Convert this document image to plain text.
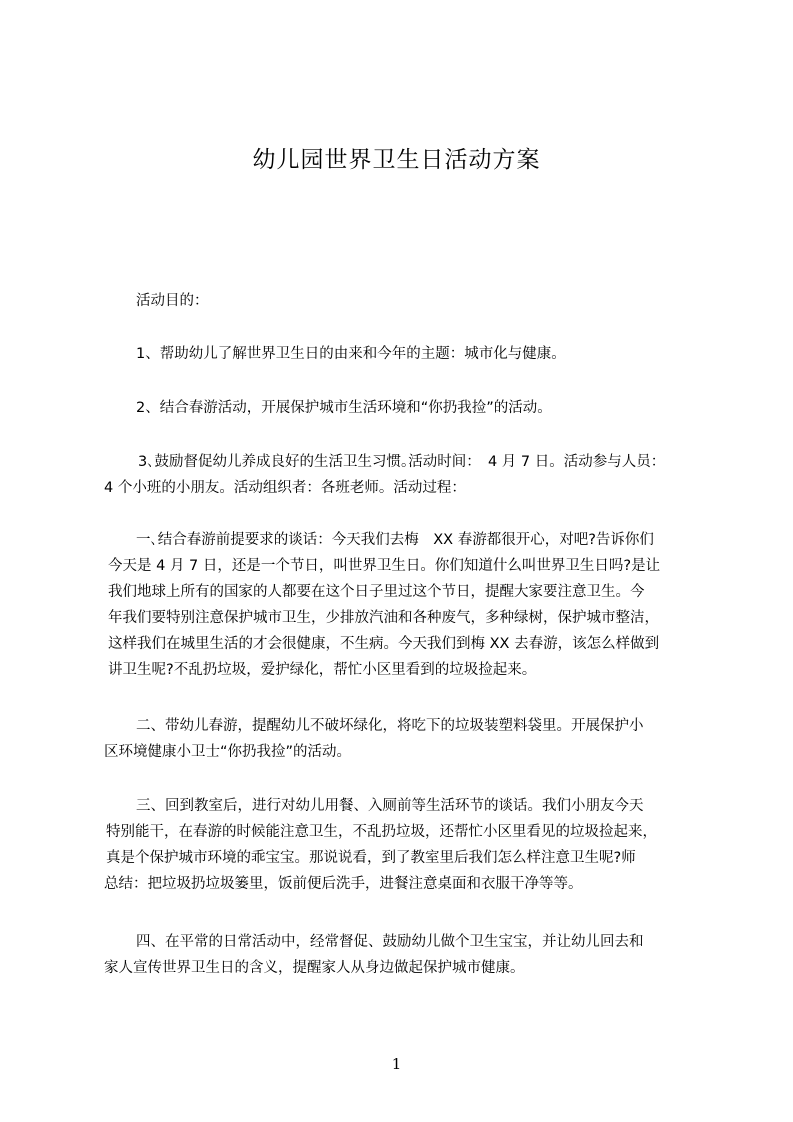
幼儿园世界卫生日活动方案
活动目的：
1、帮助幼儿了解世界卫生日的由来和今年的主题：城市化与健康。
2、结合春游活动，开展保护城市生活环境和“你扔我捡”的活动。
3､鼓励督促幼儿养成良好的生活卫生习惯｡活动时间：　4 月 7 日。活动参与人员：
4 个小班的小朋友。活动组织者：各班老师。活动过程：
一､结合春游前提要求的谈话：今天我们去梅　XX 春游都很开心，对吧?告诉你们
今天是 4 月 7 日，还是一个节日，叫世界卫生日。你们知道什么叫世界卫生日吗?是让
我们地球上所有的国家的人都要在这个日子里过这个节日，提醒大家要注意卫生。今
年我们要特别注意保护城市卫生，少排放汽油和各种废气，多种绿树，保护城市整洁，
这样我们在城里生活的才会很健康，不生病。今天我们到梅 XX 去春游，该怎么样做到
讲卫生呢?不乱扔垃圾，爱护绿化，帮忙小区里看到的垃圾捡起来。
二、带幼儿春游，提醒幼儿不破坏绿化，将吃下的垃圾装塑料袋里。开展保护小
区环境健康小卫士“你扔我捡”的活动。
三、回到教室后，进行对幼儿用餐、入厕前等生活环节的谈话。我们小朋友今天
特别能干，在春游的时候能注意卫生，不乱扔垃圾，还帮忙小区里看见的垃圾捡起来，
真是个保护城市环境的乖宝宝。那说说看，到了教室里后我们怎么样注意卫生呢?师
总结：把垃圾扔垃圾篓里，饭前便后洗手，进餐注意桌面和衣服干净等等。
四、在平常的日常活动中，经常督促、鼓励幼儿做个卫生宝宝，并让幼儿回去和
家人宣传世界卫生日的含义，提醒家人从身边做起保护城市健康。
1
